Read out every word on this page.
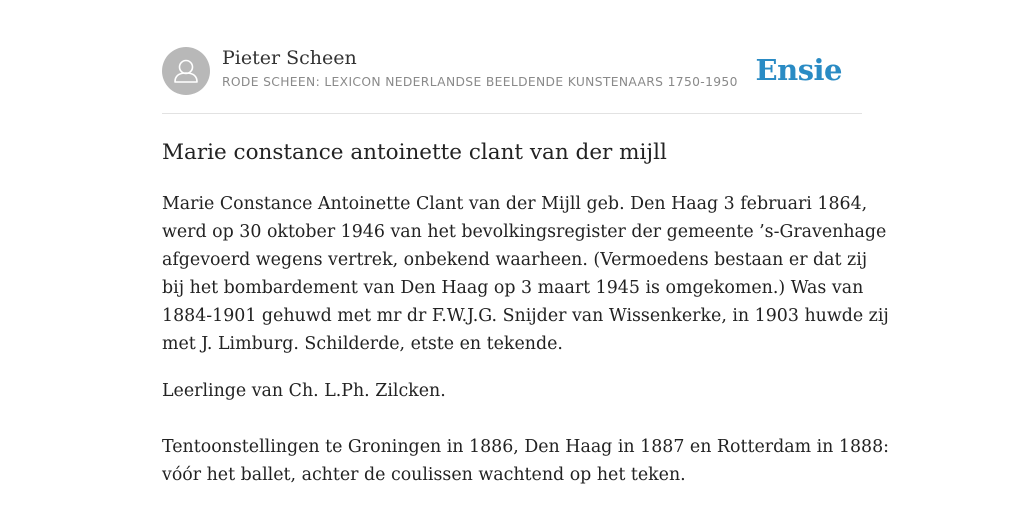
Pieter Scheen
RODE SCHEEN: LEXICON NEDERLANDSE BEELDENDE KUNSTENAARS 1750-1950 Ensie
Marie constance antoinette clant van der mijll

Marie Constance Antoinette Clant van der Mijll geb. Den Haag 3 februari 1864,

werd op 30 oktober 1946 van het bevolkingsregister der gemeente ’s-Gravenhage

afgevoerd wegens vertrek, onbekend waarheen. (Vermoedens bestaan er dat zij

bij het bombardement van Den Haag op 3 maart 1945 is omgekomen.) Was van

1884-1901 gehuwd met mr dr F.W.J.G. Snijder van Wissenkerke, in 1903 huwde zij

met J. Limburg. Schilderde, etste en tekende.

Leerlinge van Ch. L.Ph. Zilcken.

Tentoonstellingen te Groningen in 1886, Den Haag in 1887 en Rotterdam in 1888:

vóór het ballet, achter de coulissen wachtend op het teken.
